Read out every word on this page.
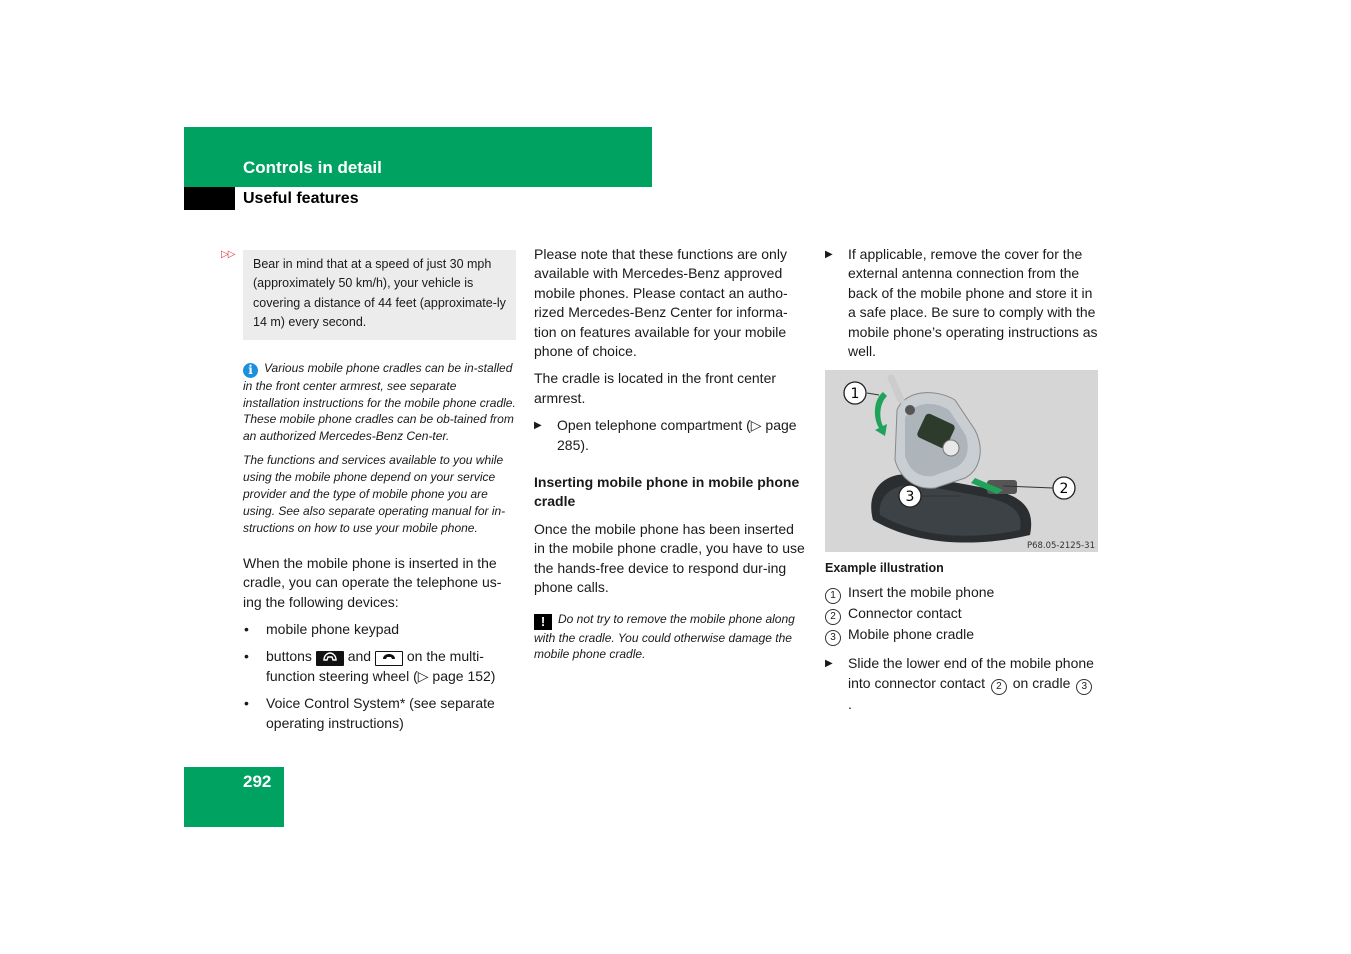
Controls in detail
Useful features
▷▷
Bear in mind that at a speed of just 30 mph (approximately 50 km/h), your vehicle is covering a distance of 44 feet (approximate-ly 14 m) every second.
i Various mobile phone cradles can be in-stalled in the front center armrest, see separate installation instructions for the mobile phone cradle. These mobile phone cradles can be ob-tained from an authorized Mercedes-Benz Cen-ter.
The functions and services available to you while using the mobile phone depend on your service provider and the type of mobile phone you are using. See also separate operating manual for in-structions on how to use your mobile phone.

When the mobile phone is inserted in the cradle, you can operate the telephone us-ing the following devices:

• mobile phone keypad
• buttons	and	on the multi-function steering wheel (▷ page 152)
• Voice Control System* (see separate operating instructions)

Please note that these functions are only available with Mercedes-Benz approved mobile phones. Please contact an autho-rized Mercedes-Benz Center for informa-tion on features available for your mobile phone of choice.

The cradle is located in the front center armrest.

▶ Open telephone compartment (▷ page 285).
Inserting mobile phone in mobile phone cradle

Once the mobile phone has been inserted in the mobile phone cradle, you have to use the hands-free device to respond dur-ing phone calls.

! Do not try to remove the mobile phone along with the cradle. You could otherwise damage the mobile phone cradle.
▶ If applicable, remove the cover for the external antenna connection from the back of the mobile phone and store it in a safe place. Be sure to comply with the mobile phone’s operating instructions as well.
1
2
3
P68.05-2125-31
Example illustration
1 Insert the mobile phone
2 Connector contact
3 Mobile phone cradle
▶ Slide the lower end of the mobile phone into connector contact 2 on cradle 3.
292
